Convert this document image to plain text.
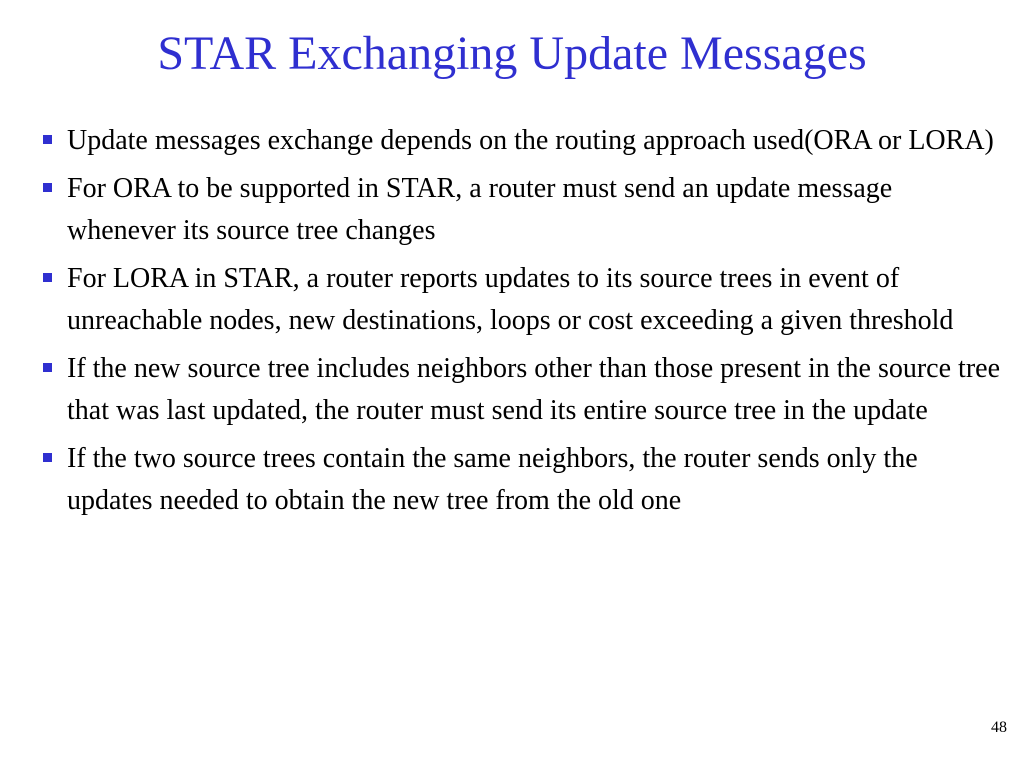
STAR Exchanging Update Messages
Update messages exchange depends on the routing approach used(ORA or LORA)
For ORA to be supported in STAR, a router must send an update message whenever its source tree changes
For LORA in STAR, a router reports updates to its source trees in event of unreachable nodes, new destinations, loops or cost exceeding a given threshold
If the new source tree includes neighbors other than those present in the source tree that was last updated, the router must send its entire source tree in the update
If the two source trees contain the same neighbors, the router sends only the updates needed to obtain the new tree from the old one
48
